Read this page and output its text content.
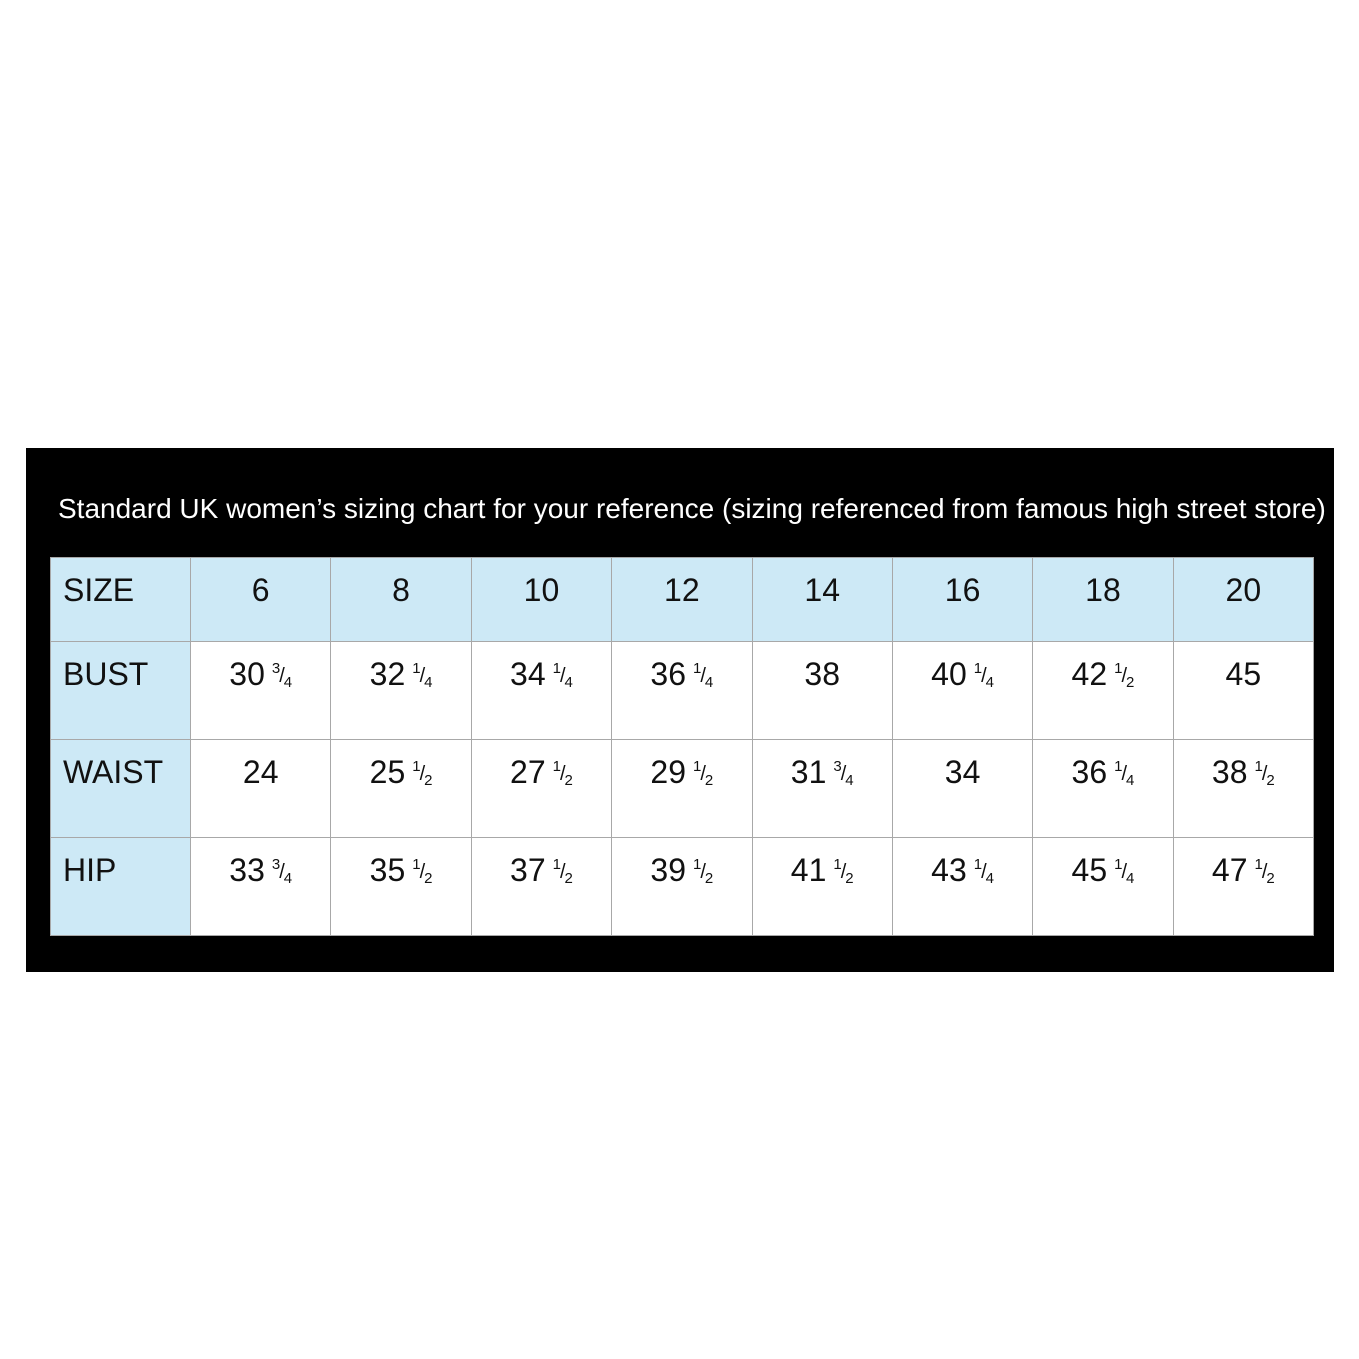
Standard UK women’s sizing chart for your reference (sizing referenced from famous high street store)
SIZE	6	8	10	12	14	16	18	20
BUST	30 $^3$/4	32 $^1$/4	34 $^1$/4	36 $^1$/4	38	40 $^1$/4	42 $^1$/2	45
WAIST	24	25 $^1$/2	27 $^1$/2	29 $^1$/2	31 $^3$/4	34	36 $^1$/4	38 $^1$/2
HIP	33 $^3$/4	35 $^1$/2	37 $^1$/2	39 $^1$/2	41 $^1$/2	43 $^1$/4	45 $^1$/4	47 $^1$/2
